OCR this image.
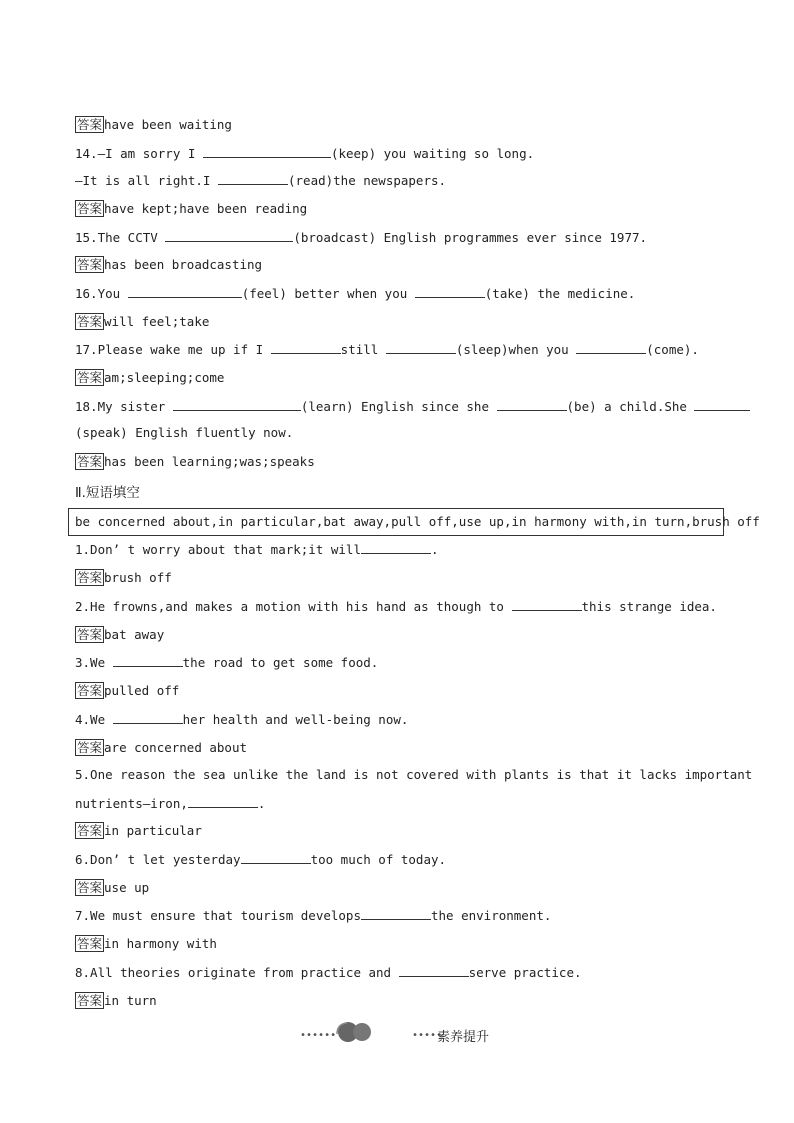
答案 have been waiting
14.—I am sorry I	(keep) you waiting so long.
—It is all right.I	(read)the newspapers.
答案 have kept;have been reading
15.The CCTV	(broadcast) English programmes ever since 1977.
答案 has been broadcasting
16.You	(feel) better when you	(take) the medicine.
答案 will feel;take
17.Please wake me up if I	still	(sleep)when you	(come).
答案 am;sleeping;come
18.My sister	(learn) English since she	(be) a child.She
(speak) English fluently now.
答案 has been learning;was;speaks
1.Don’ t worry about that mark;it will	.
答案 brush off
2.He frowns,and makes a motion with his hand as though to	this strange idea.
答案 bat away
3.We	the road to get some food.
答案 pulled off
4.We	her health and well-being now.
答案 are concerned about
5.One reason the sea unlike the land is not covered with plants is that it lacks important
nutrients—iron,	.
答案 in particular
6.Don’ t let yesterday	too much of today.
答案 use up
7.We must ensure that tourism develops	the environment.
答案 in harmony with
8.All theories originate from practice and	serve practice.
答案 in turn
Ⅱ.短语填空
be concerned about,in particular,bat away,pull off,use up,in harmony with,in turn,brush off
••••••	•••••
素养提升
